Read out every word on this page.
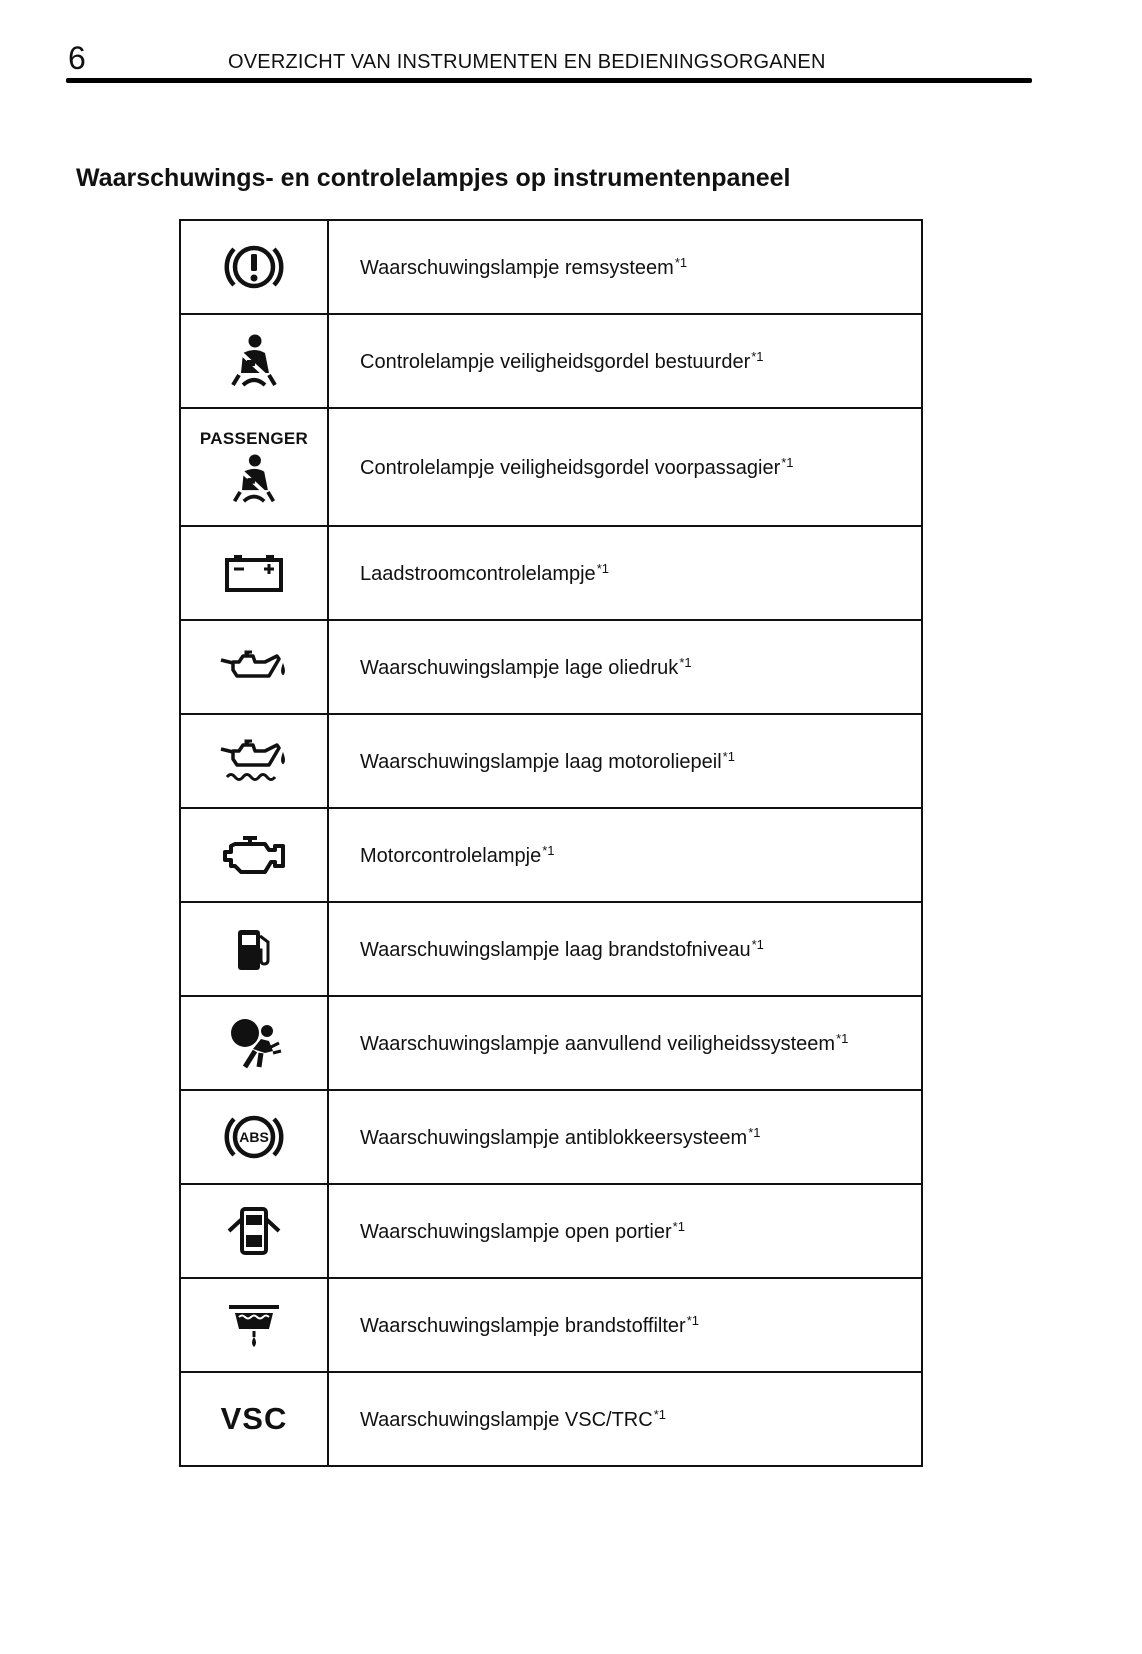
6	OVERZICHT VAN INSTRUMENTEN EN BEDIENINGSORGANEN
Waarschuwings- en controlelampjes op instrumentenpaneel
	Waarschuwingslampje remsysteem$^{*1}$

	Controlelampje veiligheidsgordel bestuurder$^{*1}$

PASSENGER	Controlelampje veiligheidsgordel voorpassagier$^{*1}$

	Laadstroomcontrolelampje$^{*1}$

	Waarschuwingslampje lage oliedruk$^{*1}$

	Waarschuwingslampje laag motoroliepeil$^{*1}$

	Motorcontrolelampje$^{*1}$

	Waarschuwingslampje laag brandstofniveau$^{*1}$

	Waarschuwingslampje aanvullend veiligheidssysteem$^{*1}$

ABS	Waarschuwingslampje antiblokkeersysteem$^{*1}$

	Waarschuwingslampje open portier$^{*1}$

	Waarschuwingslampje brandstoffilter$^{*1}$
VSC	Waarschuwingslampje VSC/TRC$^{*1}$
